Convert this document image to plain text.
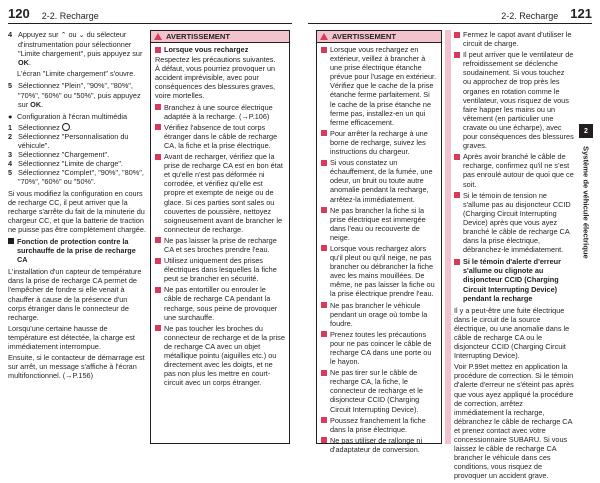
120 2-2. Recharge	2-2. Recharge 121
4 Appuyez sur ⌃ ou ⌄ du sélecteur d'instrumentation pour sélectionner "Limite chargement", puis appuyez sur OK.

L'écran "Limite chargement" s'ouvre.

5 Sélectionnez "Plein", "90%", "80%", "70%", "60%" ou "50%", puis appuyez sur OK.
● Configuration à l'écran multimédia
1 Sélectionnez .
2 Sélectionnez "Personnalisation du véhicule".
3 Sélectionnez "Chargement".
4 Sélectionnez "Limite de charge".
5 Sélectionnez "Complet", "90%", "80%", "70%", "60%" ou "50%".

Si vous modifiez la configuration en cours de recharge CC, il peut arriver que la recharge s'arrête du fait de la minuterie du chargeur CC, et que la batterie de traction ne puisse pas être complètement chargée.

Fonction de protection contre la surchauffe de la prise de recharge CA

L'installation d'un capteur de température dans la prise de recharge CA permet de l'empêcher de fondre si elle venait à chauffer à cause de la présence d'un corps étranger dans le connecteur de recharge.

Lorsqu'une certaine hausse de température est détectée, la charge est immédiatement interrompue.

Ensuite, si le contacteur de démarrage est sur arrêt, un message s'affiche à l'écran multifonctionnel. (→P.156)

AVERTISSEMENT
Lorsque vous rechargez

Respectez les précautions suivantes.

À défaut, vous pourriez provoquer un accident imprévisible, avec pour conséquences des blessures graves, voire mortelles.

Branchez à une source électrique adaptée à la recharge. (→P.106)
Vérifiez l'absence de tout corps étranger dans le câble de recharge CA, la fiche et la prise électrique.
Avant de recharger, vérifiez que la prise de recharge CA est en bon état et qu'elle n'est pas déformée ni corrodée, et vérifiez qu'elle est propre et exempte de neige ou de glace. Si ces parties sont sales ou couvertes de poussière, nettoyez soigneusement avant de brancher le connecteur de recharge.
Ne pas laisser la prise de recharge CA et ses broches prendre l'eau.
Utilisez uniquement des prises électriques dans lesquelles la fiche peut se brancher en sécurité.
Ne pas entortiller ou enrouler le câble de recharge CA pendant la recharge, sous peine de provoquer une surchauffe.
Ne pas toucher les broches du connecteur de recharge et de la prise de recharge CA avec un objet métallique pointu (aiguilles etc.) ou directement avec les doigts, et ne pas non plus les mettre en court-circuit avec un corps étranger.
AVERTISSEMENT
Lorsque vous rechargez en extérieur, veillez à brancher à une prise électrique étanche prévue pour l'usage en extérieur. Vérifiez que le cache de la prise étanche ferme parfaitement. Si le cache de la prise étanche ne ferme pas, installez-en un qui ferme efficacement.
Pour arrêter la recharge à une borne de recharge, suivez les instructions du chargeur.
Si vous constatez un échauffement, de la fumée, une odeur, un bruit ou toute autre anomalie pendant la recharge, arrêtez-la immédiatement.
Ne pas brancher la fiche si la prise électrique est immergée dans l'eau ou recouverte de neige.
Lorsque vous rechargez alors qu'il pleut ou qu'il neige, ne pas brancher ou débrancher la fiche avec les mains mouillées. De même, ne pas laisser la fiche ou la prise électrique prendre l'eau.
Ne pas brancher le véhicule pendant un orage où tombe la foudre.
Prenez toutes les précautions pour ne pas coincer le câble de recharge CA dans une porte ou le hayon.
Ne pas tirer sur le câble de recharge CA, la fiche, le connecteur de recharge et le disjoncteur CCID (Charging Circuit Interrupting Device).
Poussez franchement la fiche dans la prise électrique.
Ne pas utiliser de rallonge ni d'adaptateur de conversion.
Fermez le capot avant d'utiliser le circuit de charge.
Il peut arriver que le ventilateur de refroidissement se déclenche soudainement. Si vous touchez ou approchez de trop près les organes en rotation comme le ventilateur, vous risquez de vous faire happer les mains ou un vêtement (en particulier une cravate ou une écharpe), avec pour conséquences des blessures graves.
Après avoir branché le câble de recharge, confirmez qu'il ne s'est pas enroulé autour de quoi que ce soit.
Si le témoin de tension ne s'allume pas au disjoncteur CCID (Charging Circuit Interrupting Device) après que vous ayez branché le câble de recharge CA dans la prise électrique, débranchez-le immédiatement.
Si le témoin d'alerte d'erreur s'allume ou clignote au disjoncteur CCID (Charging Circuit Interrupting Device) pendant la recharge

Il y a peut-être une fuite électrique dans le circuit de la source électrique, ou une anomalie dans le câble de recharge CA ou le disjoncteur CCID (Charging Circuit Interrupting Device).

Voir P.99et mettez en application la procédure de correction. Si le témoin d'alerte d'erreur ne s'éteint pas après que vous ayez appliqué la procédure de correction, arrêtez immédiatement la recharge, débranchez le câble de recharge CA et prenez contact avec votre concessionnaire SUBARU. Si vous laissez le câble de recharge CA brancher le véhicule dans ces conditions, vous risquez de provoquer un accident grave.

2
Système de véhicule électrique
